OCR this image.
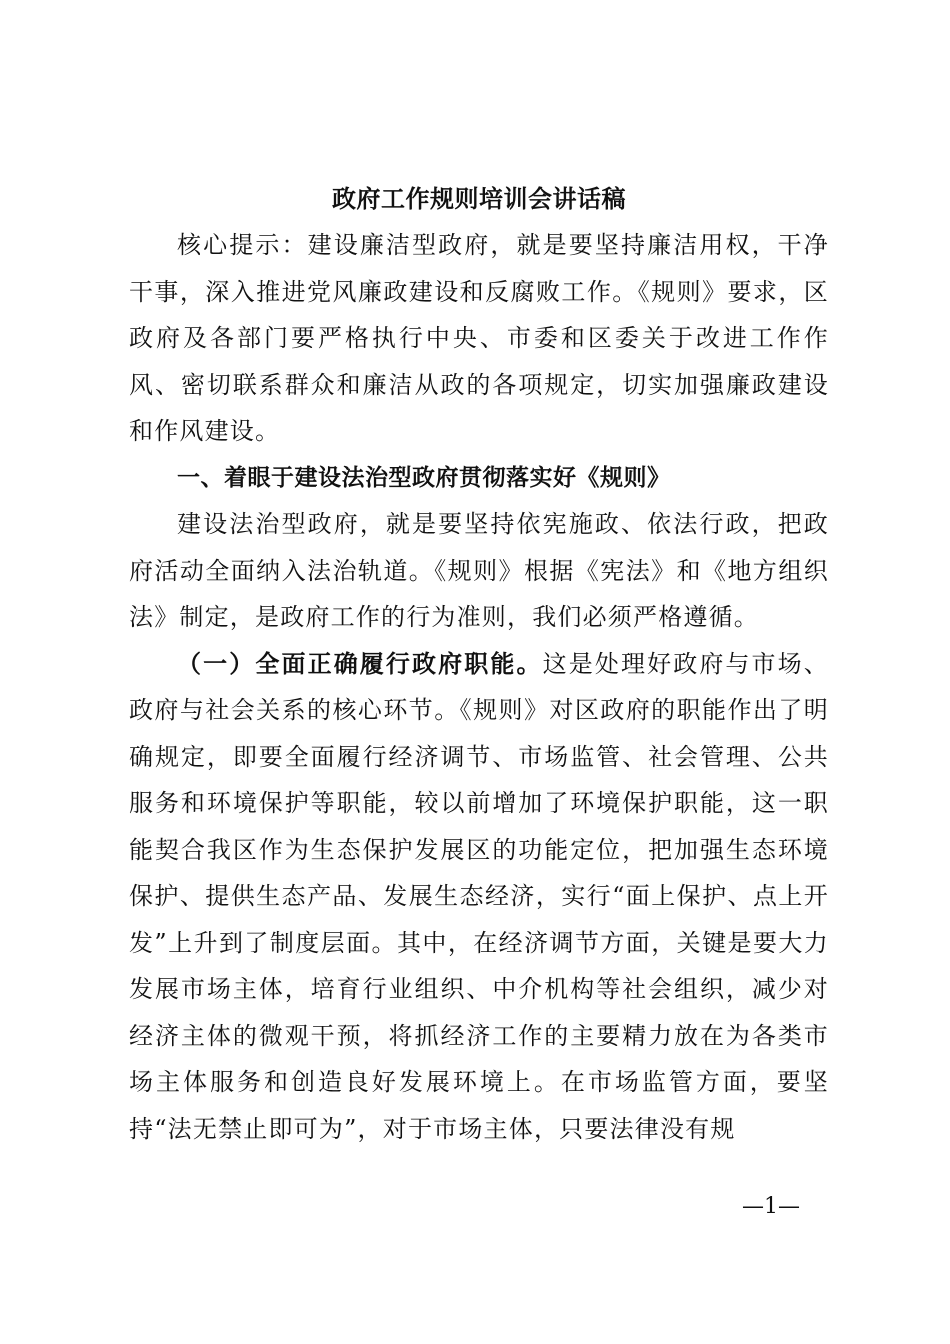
政府工作规则培训会讲话稿

核心提示：建设廉洁型政府，就是要坚持廉洁用权，干净干事，深入推进党风廉政建设和反腐败工作。《规则》要求，区政府及各部门要严格执行中央、市委和区委关于改进工作作风、密切联系群众和廉洁从政的各项规定，切实加强廉政建设和作风建设。

一、着眼于建设法治型政府贯彻落实好《规则》

建设法治型政府，就是要坚持依宪施政、依法行政，把政府活动全面纳入法治轨道。《规则》根据《宪法》和《地方组织法》制定，是政府工作的行为准则，我们必须严格遵循。

（一）全面正确履行政府职能。这是处理好政府与市场、政府与社会关系的核心环节。《规则》对区政府的职能作出了明确规定，即要全面履行经济调节、市场监管、社会管理、公共服务和环境保护等职能，较以前增加了环境保护职能，这一职能契合我区作为生态保护发展区的功能定位，把加强生态环境保护、提供生态产品、发展生态经济，实行“面上保护、点上开发”上升到了制度层面。其中，在经济调节方面，关键是要大力发展市场主体，培育行业组织、中介机构等社会组织，减少对经济主体的微观干预，将抓经济工作的主要精力放在为各类市场主体服务和创造良好发展环境上。在市场监管方面，要坚持“法无禁止即可为”，对于市场主体，只要法律没有规

—1—
